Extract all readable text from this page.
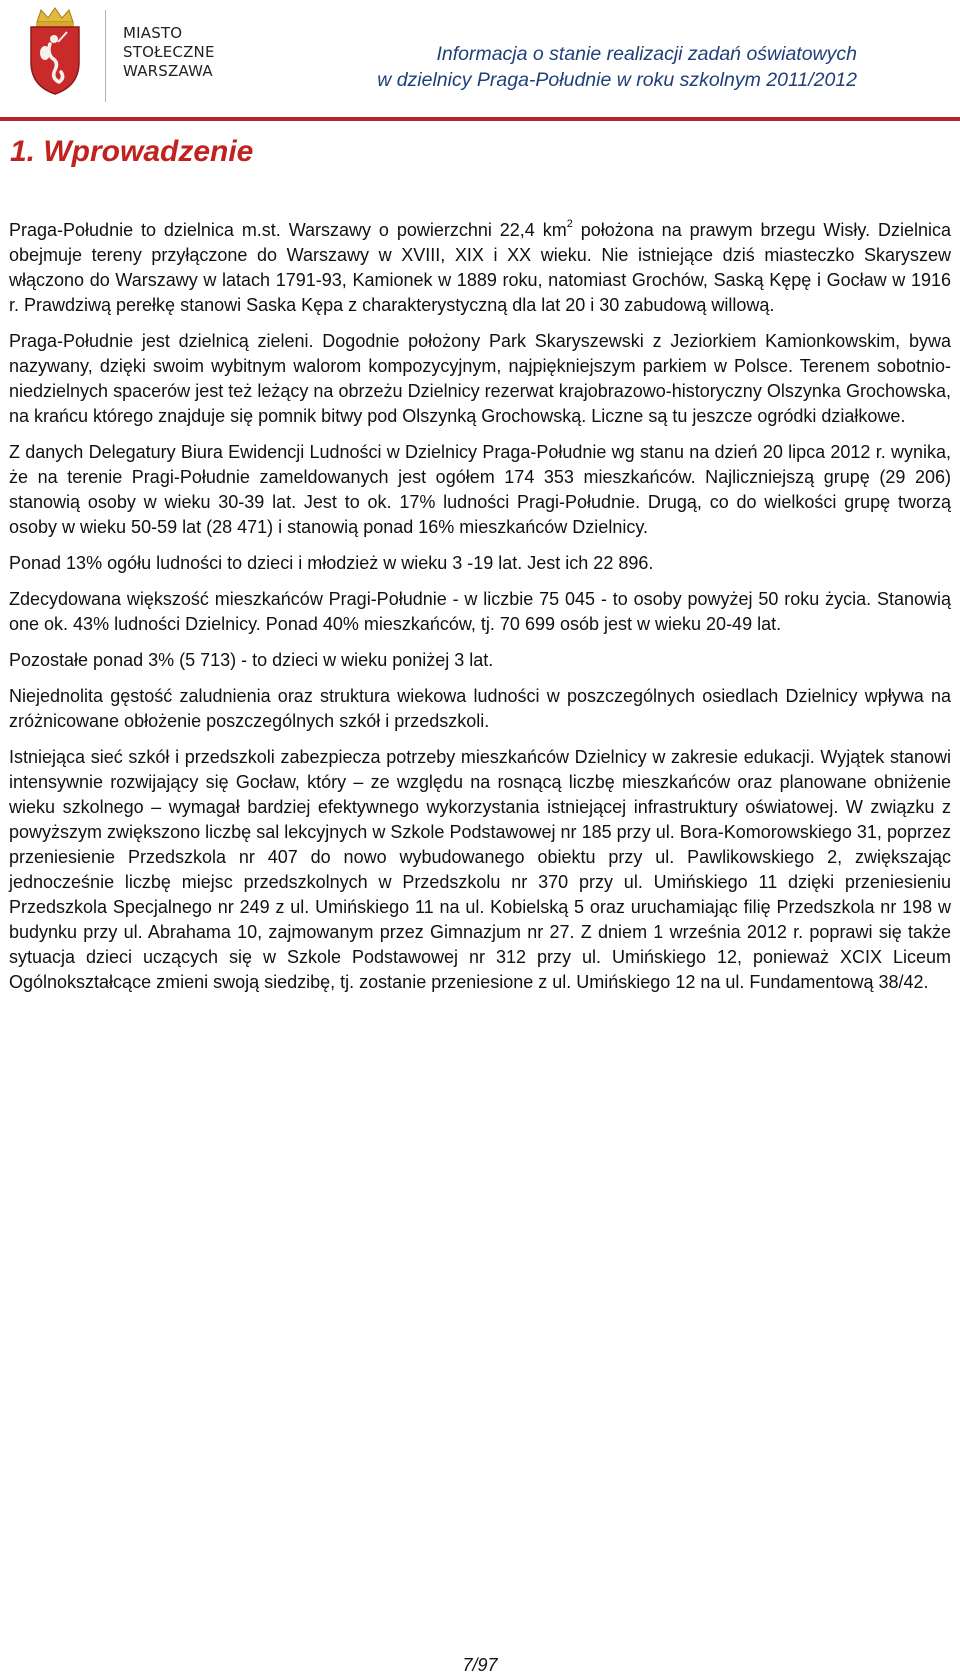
MIASTO
STOŁECZNE
WARSZAWA
Informacja o stanie realizacji zadań oświatowych
w dzielnicy Praga-Południe w roku szkolnym 2011/2012
1. Wprowadzenie

Praga-Południe to dzielnica m.st. Warszawy o powierzchni 22,4 $km^2$ położona na prawym brzegu Wisły. Dzielnica obejmuje tereny przyłączone do Warszawy w XVIII, XIX i XX wieku. Nie istniejące dziś miasteczko Skaryszew włączono do Warszawy w latach 1791-93, Kamionek w 1889 roku, natomiast Grochów, Saską Kępę i Gocław w 1916 r. Prawdziwą perełkę stanowi Saska Kępa z charakterystyczną dla lat 20 i 30 zabudową willową.

Praga-Południe jest dzielnicą zieleni. Dogodnie położony Park Skaryszewski z Jeziorkiem Kamionkowskim, bywa nazywany, dzięki swoim wybitnym walorom kompozycyjnym, najpiękniejszym parkiem w Polsce. Terenem sobotnio-niedzielnych spacerów jest też leżący na obrzeżu Dzielnicy rezerwat krajobrazowo-historyczny Olszynka Grochowska, na krańcu którego znajduje się pomnik bitwy pod Olszynką Grochowską. Liczne są tu jeszcze ogródki działkowe.

Z danych Delegatury Biura Ewidencji Ludności w Dzielnicy Praga-Południe wg stanu na dzień 20 lipca 2012 r. wynika, że na terenie Pragi-Południe zameldowanych jest ogółem 174 353 mieszkańców. Najliczniejszą grupę (29 206) stanowią osoby w wieku 30-39 lat. Jest to ok. 17% ludności Pragi-Południe. Drugą, co do wielkości grupę tworzą osoby w wieku 50-59 lat (28 471) i stanowią ponad 16% mieszkańców Dzielnicy.

Ponad 13% ogółu ludności to dzieci i młodzież w wieku 3 -19 lat. Jest ich 22 896.

Zdecydowana większość mieszkańców Pragi-Południe - w liczbie 75 045 - to osoby powyżej 50 roku życia. Stanowią one ok. 43% ludności Dzielnicy. Ponad 40% mieszkańców, tj. 70 699 osób jest w wieku 20-49 lat.

Pozostałe ponad 3% (5 713) - to dzieci w wieku poniżej 3 lat.

Niejednolita gęstość zaludnienia oraz struktura wiekowa ludności w poszczególnych osiedlach Dzielnicy wpływa na zróżnicowane obłożenie poszczególnych szkół i przedszkoli.

Istniejąca sieć szkół i przedszkoli zabezpiecza potrzeby mieszkańców Dzielnicy w zakresie edukacji. Wyjątek stanowi intensywnie rozwijający się Gocław, który – ze względu na rosnącą liczbę mieszkańców oraz planowane obniżenie wieku szkolnego – wymagał bardziej efektywnego wykorzystania istniejącej infrastruktury oświatowej. W związku z powyższym zwiększono liczbę sal lekcyjnych w Szkole Podstawowej nr 185 przy ul. Bora-Komorowskiego 31, poprzez przeniesienie Przedszkola nr 407 do nowo wybudowanego obiektu przy ul. Pawlikowskiego 2, zwiększając jednocześnie liczbę miejsc przedszkolnych w Przedszkolu nr 370 przy ul. Umińskiego 11 dzięki przeniesieniu Przedszkola Specjalnego nr 249 z ul. Umińskiego 11 na ul. Kobielską 5 oraz uruchamiając filię Przedszkola nr 198 w budynku przy ul. Abrahama 10, zajmowanym przez Gimnazjum nr 27. Z dniem 1 września 2012 r. poprawi się także sytuacja dzieci uczących się w Szkole Podstawowej nr 312 przy ul. Umińskiego 12, ponieważ XCIX Liceum Ogólnokształcące zmieni swoją siedzibę, tj. zostanie przeniesione z ul. Umińskiego 12 na ul. Fundamentową 38/42.

7/97
